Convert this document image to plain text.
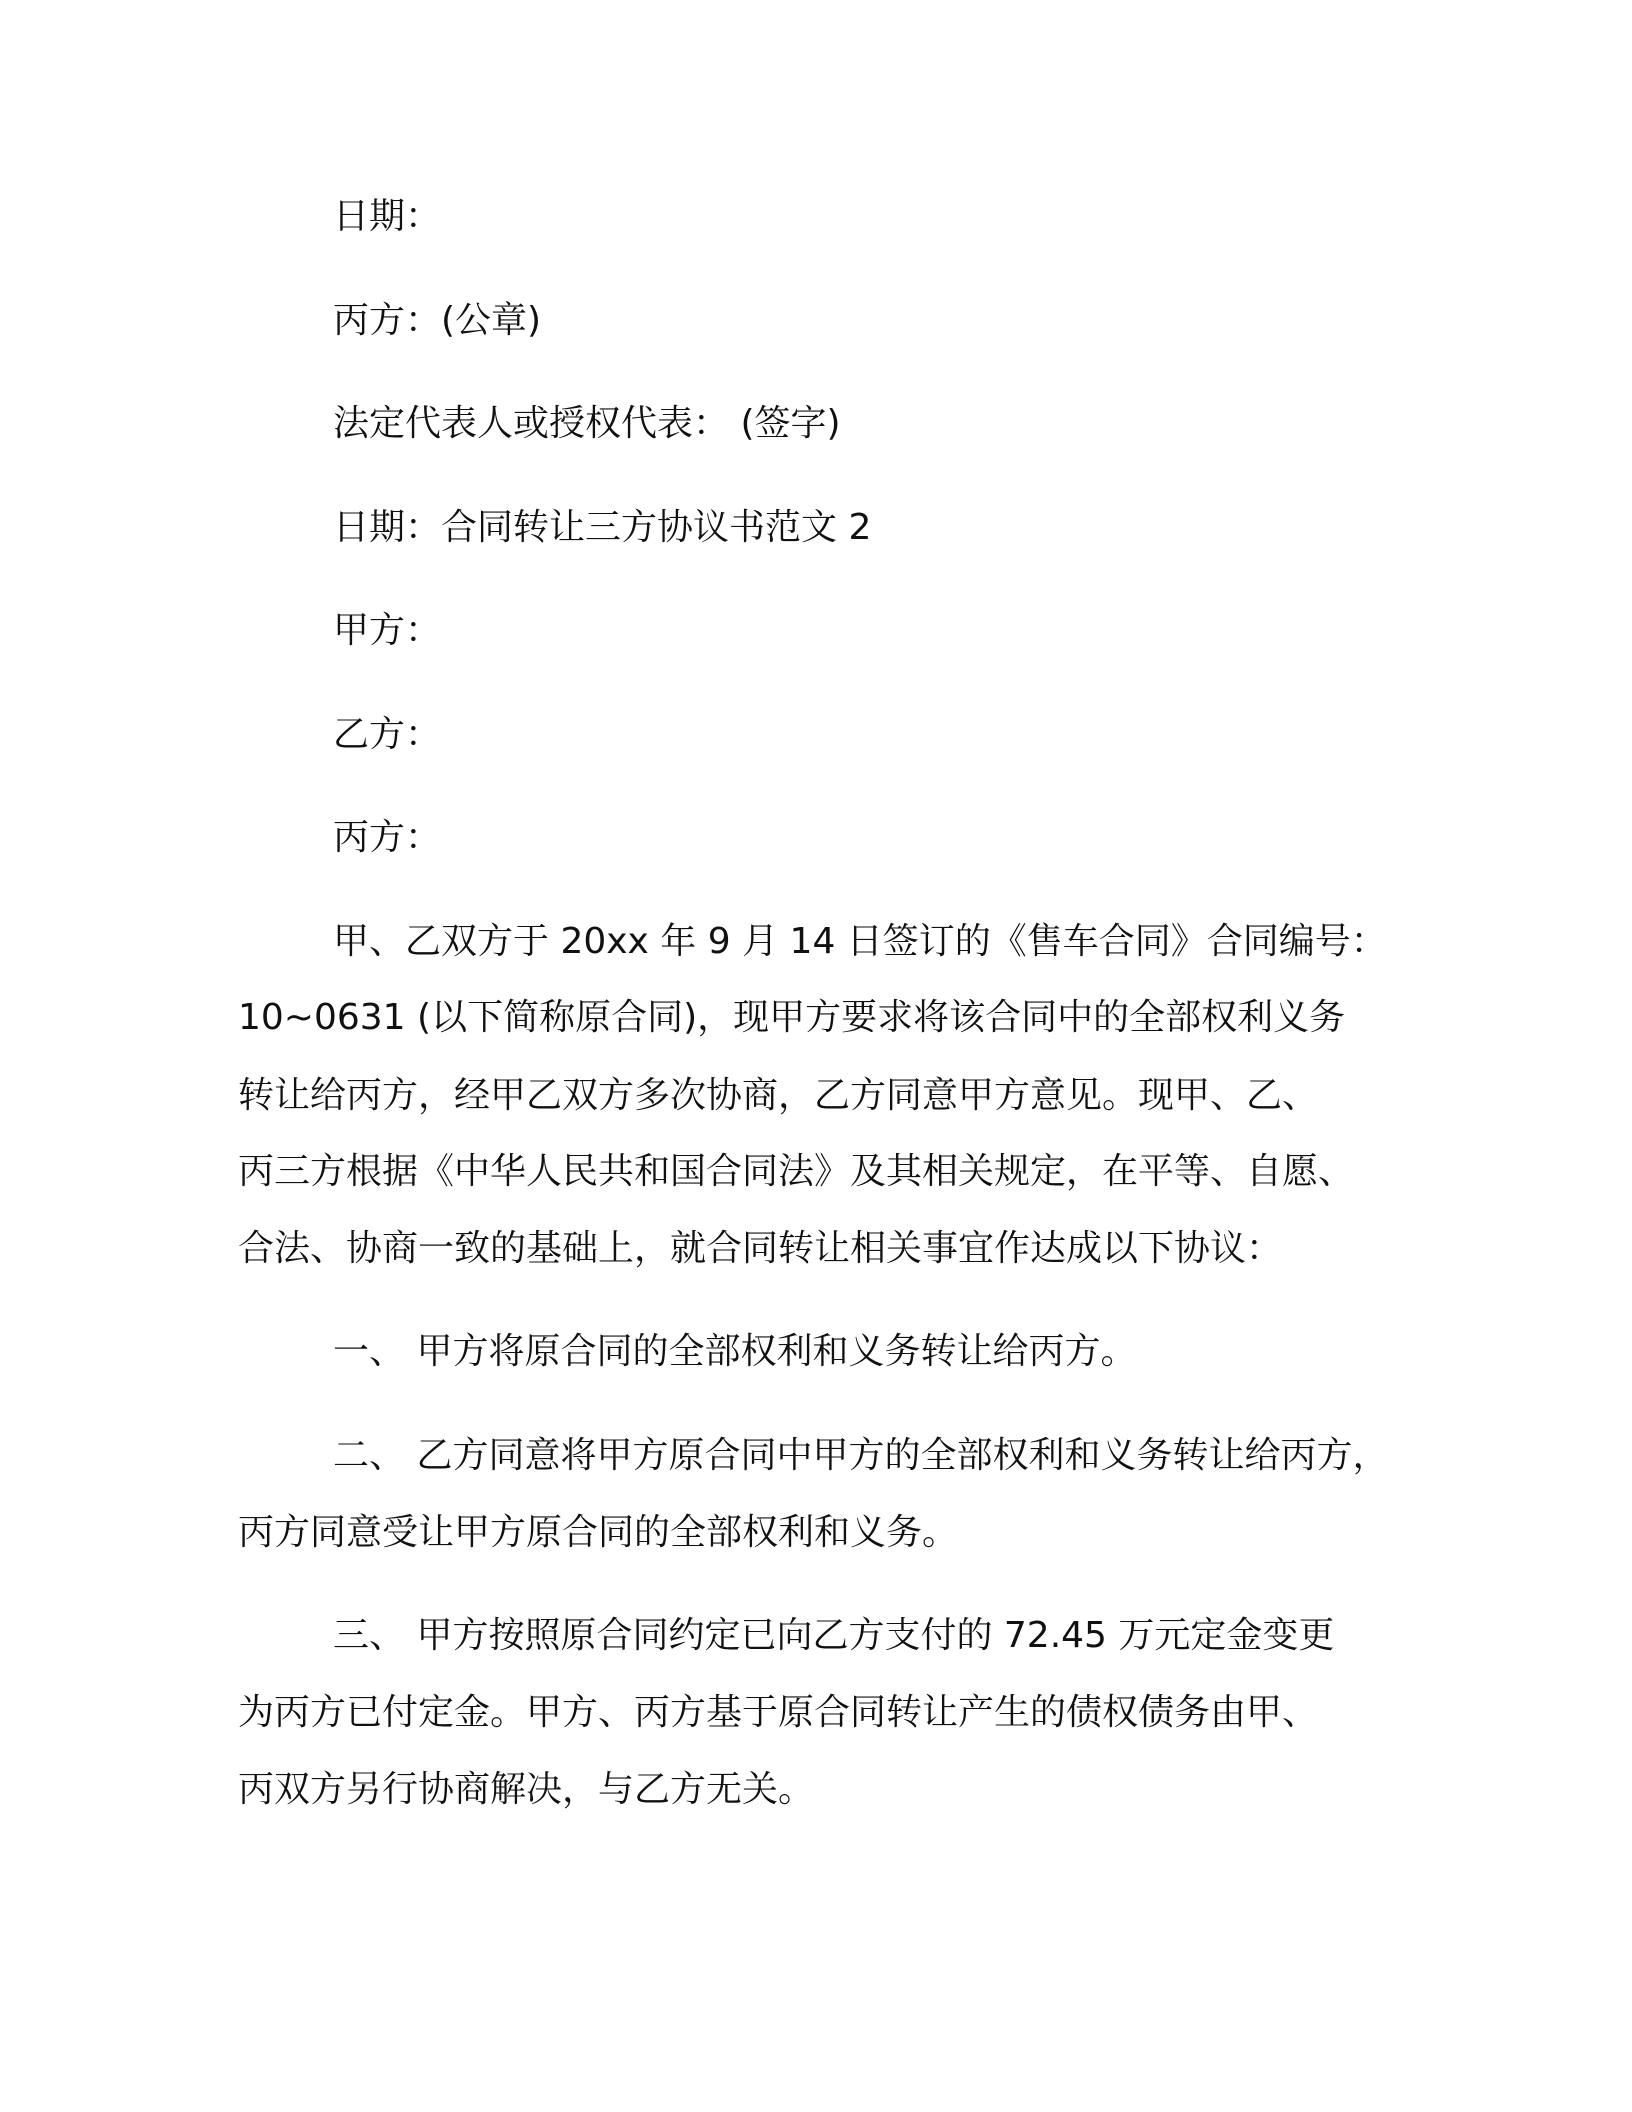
日期：
丙方：(公章)
法定代表人或授权代表： (签字)
日期：合同转让三方协议书范文 2
甲方：
乙方：
丙方：
甲、乙双方于 20xx 年 9 月 14 日签订的《售车合同》合同编号：
10~0631 (以下简称原合同)，现甲方要求将该合同中的全部权利义务
转让给丙方，经甲乙双方多次协商，乙方同意甲方意见。现甲、乙、
丙三方根据《中华人民共和国合同法》及其相关规定，在平等、自愿、
合法、协商一致的基础上，就合同转让相关事宜作达成以下协议：
一、 甲方将原合同的全部权利和义务转让给丙方。
二、 乙方同意将甲方原合同中甲方的全部权利和义务转让给丙方，
丙方同意受让甲方原合同的全部权利和义务。
三、 甲方按照原合同约定已向乙方支付的 72.45 万元定金变更
为丙方已付定金。甲方、丙方基于原合同转让产生的债权债务由甲、
丙双方另行协商解决，与乙方无关。
